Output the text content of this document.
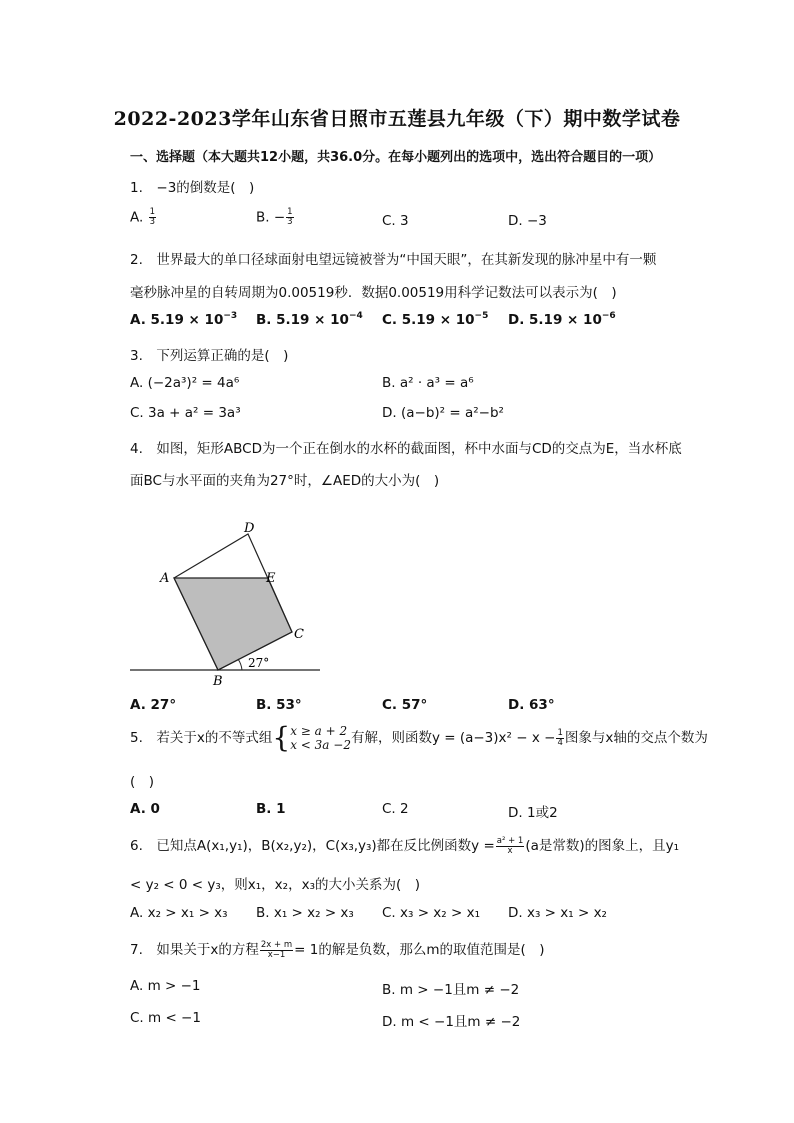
2022-2023学年山东省日照市五莲县九年级（下）期中数学试卷
一、选择题（本大题共12小题，共36.0分。在每小题列出的选项中，选出符合题目的一项）
1.　−3的倒数是(　)
A. $\frac{1}{3}$	B. − $\frac{1}{3}$	C. 3	D. −3
2.　世界最大的单口径球面射电望远镜被誉为“中国天眼”，在其新发现的脉冲星中有一颗
毫秒脉冲星的自转周期为0.00519秒．数据0.00519用科学记数法可以表示为(　)
A. $5.19 \times 10^{-3}$ B. $5.19 \times 10^{-4}$ C. $5.19 \times 10^{-5}$ D. $5.19 \times 10^{-6}$
3.　下列运算正确的是(　)
A. (−2a³)² = 4a⁶	B. a² · a³ = a⁶
C. 3a + a² = 3a³	D. (a−b)² = a²−b²
4.　如图，矩形ABCD为一个正在倒水的水杯的截面图，杯中水面与CD的交点为E，当水杯底
面BC与水平面的夹角为27°时，∠AED的大小为(　)
A
B
C
D
E
27°
A. 27°	B. 53°	C. 57°	D. 63°
5.　若关于x的不等式组{ x ≥ a + 2
x < 3a −2 有解，则函数$y = (a-3)x^2 - x - \frac{1}{4}$ 图象与x轴的交点个数为
(　)
A. 0	B. 1	C. 2	D. 1或2
6.　已知点A(x₁,y₁)，B(x₂,y₂)，C(x₃,y₃)都在反比例函数$y = \frac{\text{a² + 1}}{x} (a$是常数)的图象上，且y₁
< y₂ < 0 < y₃，则x₁，x₂，x₃的大小关系为(　)
A. x₂ > x₁ > x₃ B. x₁ > x₂ > x₃ C. x₃ > x₂ > x₁ D. x₃ > x₁ > x₂
7.　如果关于x的方程 $\frac{2x + m}{x-1} = 1$的解是负数，那么m的取值范围是(　)
A. m > −1	B. m > −1且m ≠ −2
C. m < −1	D. m < −1且m ≠ −2
